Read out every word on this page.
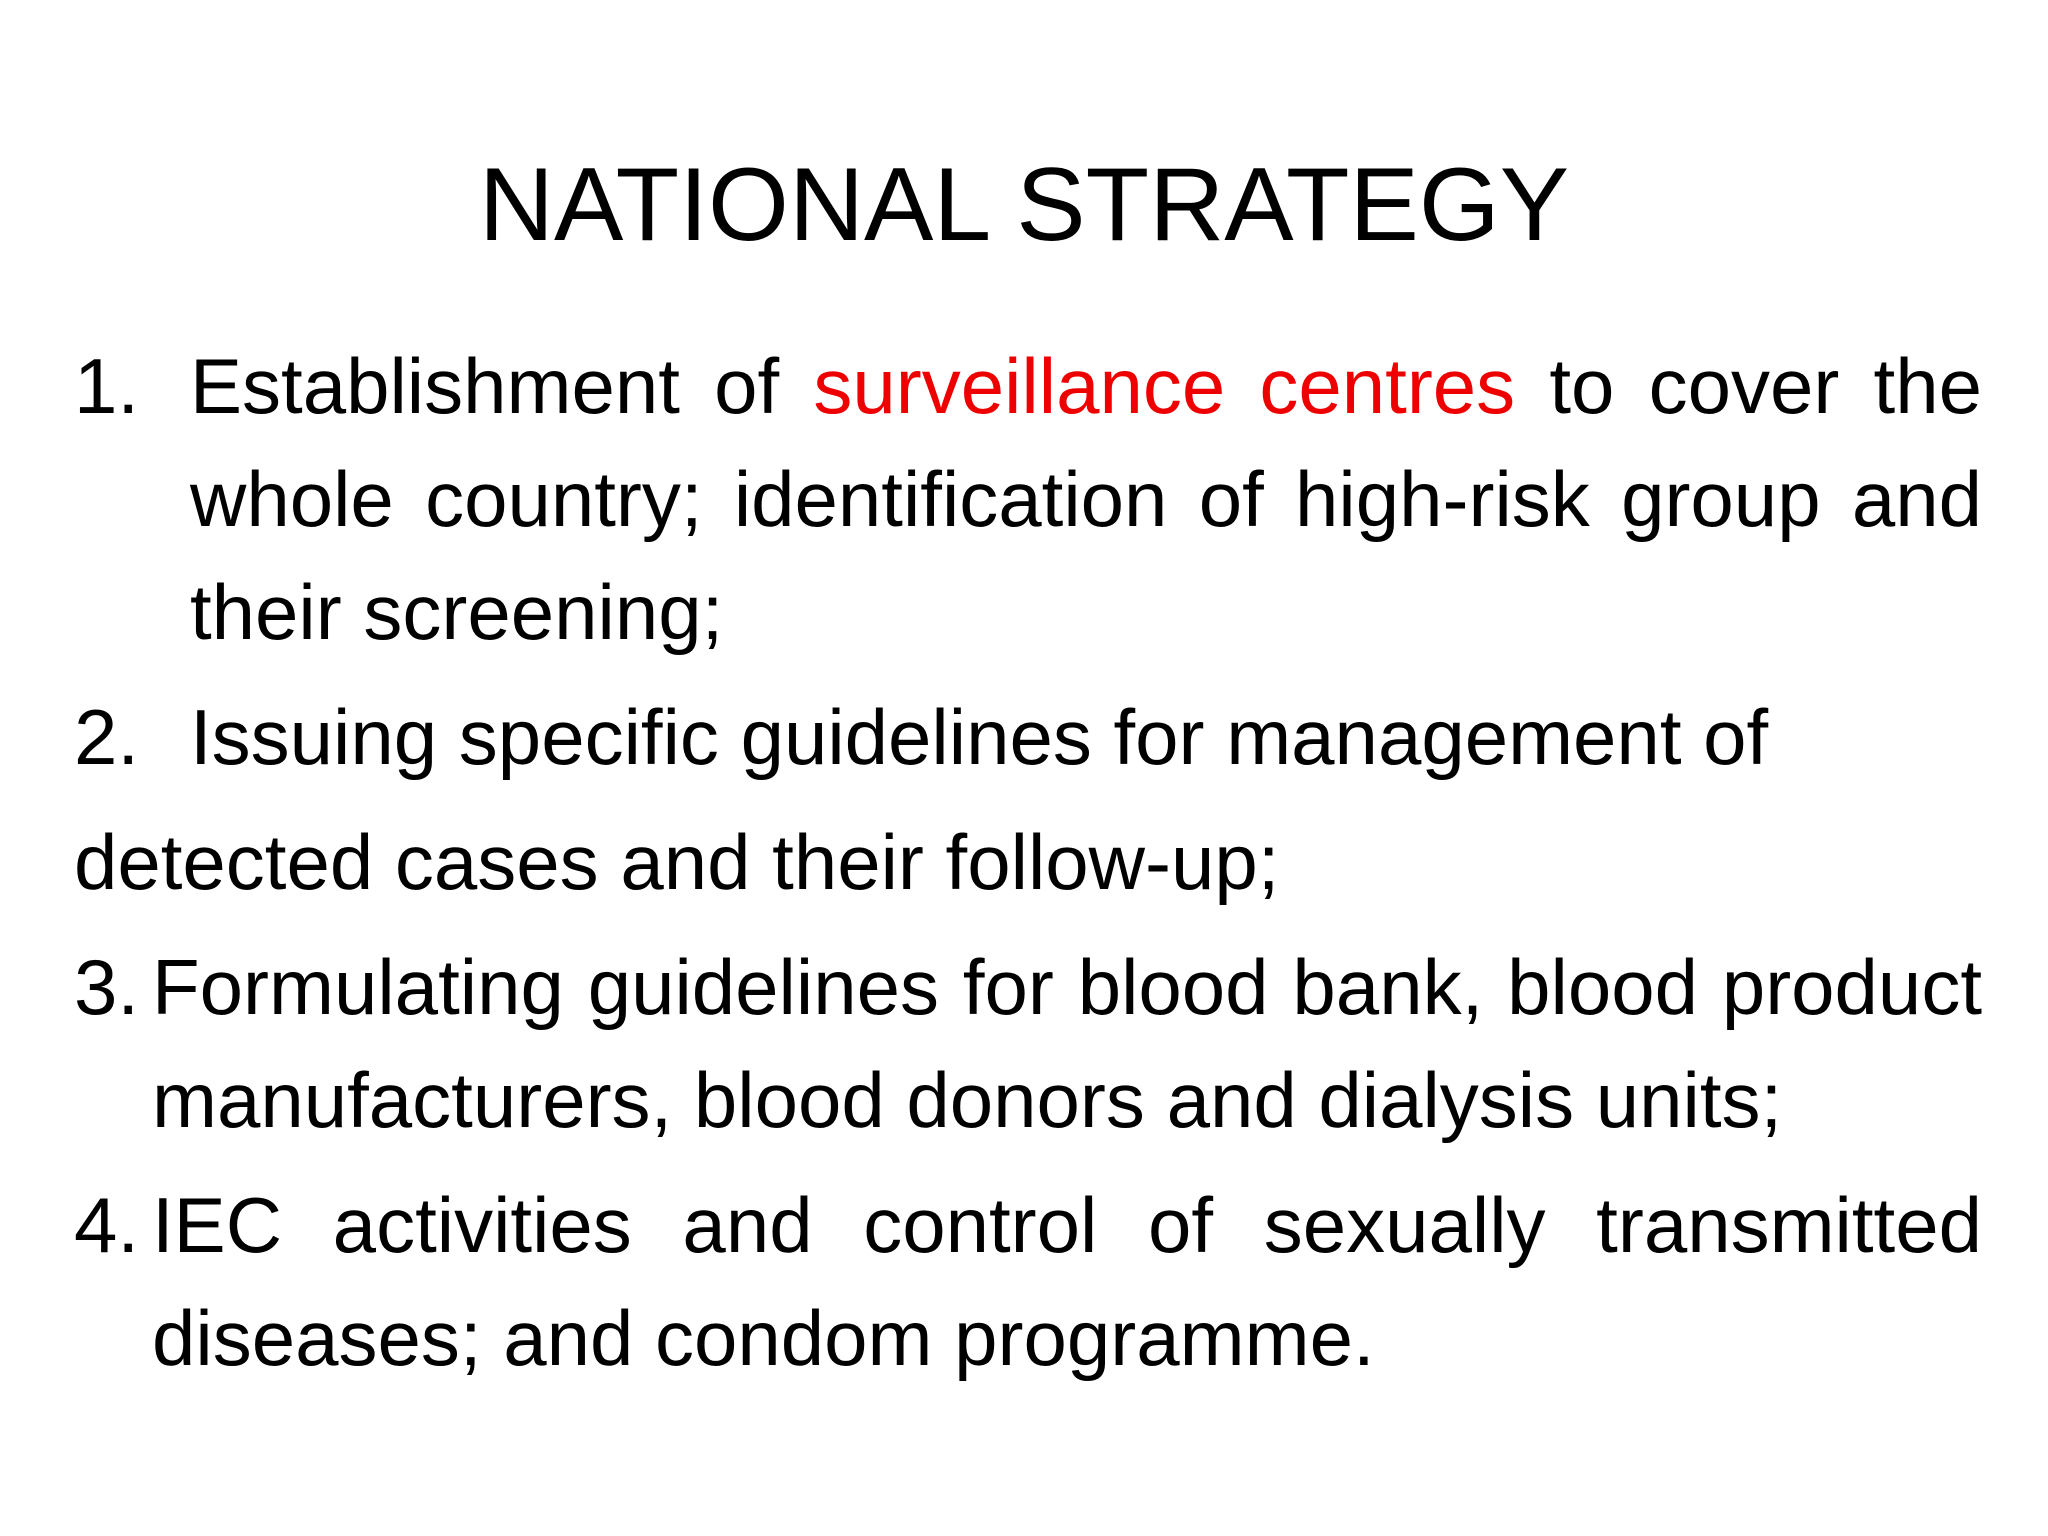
NATIONAL STRATEGY
1. Establishment of surveillance centres to cover the whole country; identification of high-risk group and their screening;
2. Issuing specific guidelines for management of
detected cases and their follow-up;
3. Formulating guidelines for blood bank, blood product manufacturers, blood donors and dialysis units;
4. IEC activities and control of sexually transmitted diseases; and condom programme.
